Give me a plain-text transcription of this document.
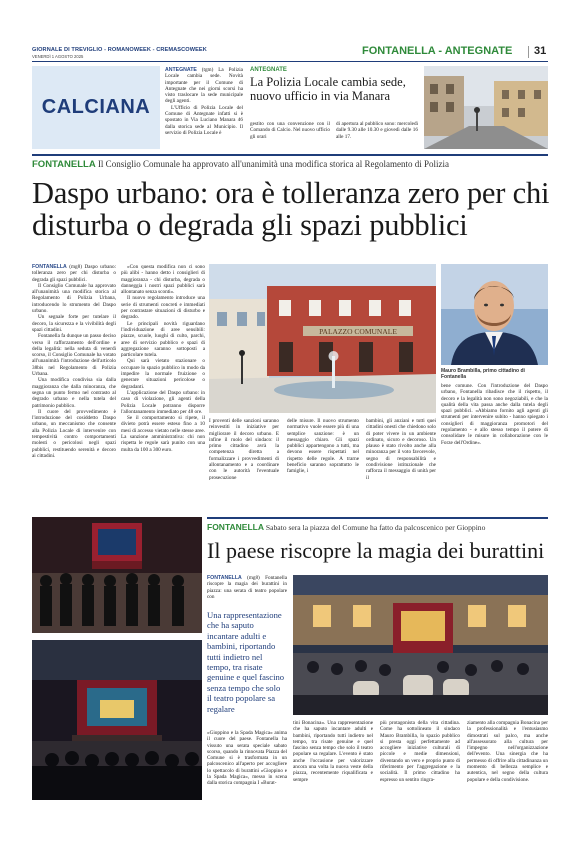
GIORNALE DI TREVIGLIO - ROMANOWEEK - CREMASCOWEEK
VENERDÌ 1 AGOSTO 2025	FONTANELLA - ANTEGNATE 31
CALCIANA

ANTEGNATE (tgm) La Polizia Locale cambia sede. Novità importante per il Comune di Antegnate che nei giorni scorsi ha visto traslocare la sede municipale degli agenti.

L'Ufficio di Polizia Locale del Comune di Antegnate infatti si è spostato in Via Luciano Manara 46 dalla storica sede al Municipio. Il servizio di Polizia Locale è

ANTEGNATE
La Polizia Locale cambia sede, nuovo ufficio in via Manara
gestito con una convenzione con il Comando di Calcio. Nel nuovo ufficio gli orari
di apertura al pubblico sono: mercoledì dalle 9.30 alle 10.30 e giovedì dalle 16 alle 17.
FONTANELLA Il Consiglio Comunale ha approvato all'unanimità una modifica storica al Regolamento di Polizia
Daspo urbano: ora è tolleranza zero per chi disturba o degrada gli spazi pubblici

FONTANELLA (mg8) Daspo urbano: tolleranza zero per chi disturba o degrada gli spazi pubblici.

Il Consiglio Comunale ha approvato all'unanimità una modifica storica al Regolamento di Polizia Urbana, introducendo lo strumento del Daspo urbano.

Un segnale forte per tutelare il decoro, la sicurezza e la vivibilità degli spazi cittadini.

Fontanella fa dunque un passo deciso verso il rafforzamento dell'ordine e della legalità: nella seduta di venerdì scorso, il Consiglio Comunale ha votato all'unanimità l'introduzione dell'articolo 38bis nel Regolamento di Polizia Urbana.

Una modifica condivisa sia dalla maggioranza che dalla minoranza, che segna un punto fermo nel contrasto al degrado urbano e nella tutela del patrimonio pubblico.

Il cuore del provvedimento è l'introduzione del cosiddetto Daspo urbano, un meccanismo che consente alla Polizia Locale di intervenire con tempestività contro comportamenti molesti o pericolosi negli spazi pubblici, restituendo serenità e decoro ai cittadini.

«Con questa modifica non ci sono più alibi - hanno detto i consiglieri di maggioranza - chi disturba, degrada o danneggia i nostri spazi pubblici sarà allontanato senza sconti».

Il nuovo regolamento introduce una serie di strumenti concreti e immediati per contrastare situazioni di disturbo e degrado.

Le principali novità riguardano l'individuazione di aree sensibili: piazze, scuole, luoghi di culto, parchi, aree di servizio pubblico e spazi di aggregazione saranno sottoposti a particolare tutela.

Qui sarà vietato stazionare o occupare lo spazio pubblico in modo da impedire la normale fruizione o generare situazioni pericolose o degradanti.

L'applicazione del Daspo urbano: in caso di violazione, gli agenti della Polizia Locale potranno disporre l'allontanamento immediato per 48 ore.

Se il comportamento si ripete, il divieto potrà essere esteso fino a 10 mesi di accesso vietato nelle stesse aree. La sanzione amministrativa: chi non rispetta le regole sarà punito con una multa da 100 a 300 euro.

PALAZZO COMUNALE
I proventi delle sanzioni saranno reinvestiti in iniziative per migliorare il decoro urbano. E infine il ruolo del sindaco: il primo cittadino avrà la competenza diretta a formalizzare i provvedimenti di allontanamento e a coordinare con le autorità l'eventuale prosecuzione
delle misure. Il nuovo strumento normativo vuole essere più di una semplice sanzione: è un messaggio chiaro. Gli spazi pubblici appartengono a tutti, ma devono essere rispettati nel rispetto delle regole. A trarne beneficio saranno soprattutto le famiglie, i
bambini, gli anziani e tutti quei cittadini onesti che chiedono solo di poter vivere in un ambiente ordinato, sicuro e decoroso. Un plauso è stato rivolto anche alla minoranza per il voto favorevole, segno di responsabilità e condivisione istituzionale che rafforza il messaggio di unità per il
Mauro Brambilla, primo cittadino di Fontanella
bene comune. Con l'introduzione del Daspo urbano, Fontanella ribadisce che il rispetto, il decoro e la legalità non sono negoziabili, e che la qualità della vita passa anche dalla tutela degli spazi pubblici. «Abbiamo fornito agli agenti gli strumenti per intervenire subito - hanno spiegato i consiglieri di maggioranza promotori del regolamento - e allo stesso tempo il potere di consolidare le misure in collaborazione con le Forze dell'Ordine».
FONTANELLA Sabato sera la piazza del Comune ha fatto da palcoscenico per Gioppino
Il paese riscopre la magia dei burattini

FONTANELLA (mg8) Fontanella riscopre la magia dei burattini in piazza: una serata di teatro popolare con

Una rappresentazione che ha saputo incantare adulti e bambini, riportando tutti indietro nel tempo, tra risate genuine e quel fascino senza tempo che solo il teatro popolare sa regalare
«Gioppino e la Spada Magica» anima il cuore del paese. Fontanella ha vissuto una serata speciale sabato scorso, quando la rinnovata Piazza del Comune si è trasformata in un palcoscenico all'aperto per accogliere lo spettacolo di burattini «Gioppino e la Spada Magica», messo in scena dalla storica compagnia I «Burat-
tini Bonacina». Una rappresentazione che ha saputo incantare adulti e bambini, riportando tutti indietro nel tempo, tra risate genuine e quel fascino senza tempo che solo il teatro popolare sa regalare. L'evento è stato anche l'occasione per valorizzare ancora una volta la nuova veste della piazza, recentemente riqualificata e sempre
più protagonista della vita cittadina. Come ha sottolineato il sindaco Mauro Brambilla, lo spazio pubblico si presta oggi perfettamente ad accogliere iniziative culturali di piccole e medie dimensioni, diventando un vero e proprio punto di riferimento per l'aggregazione e la socialità. Il primo cittadino ha espresso un sentito ringra-
ziamento alla compagnia Bonacina per la professionalità e l'entusiasmo dimostrati sul palco, ma anche all'assessorato alla cultura per l'impegno nell'organizzazione dell'evento. Una sinergia che ha permesso di offrire alla cittadinanza un momento di bellezza semplice e autentica, nel segno della cultura popolare e della condivisione.
